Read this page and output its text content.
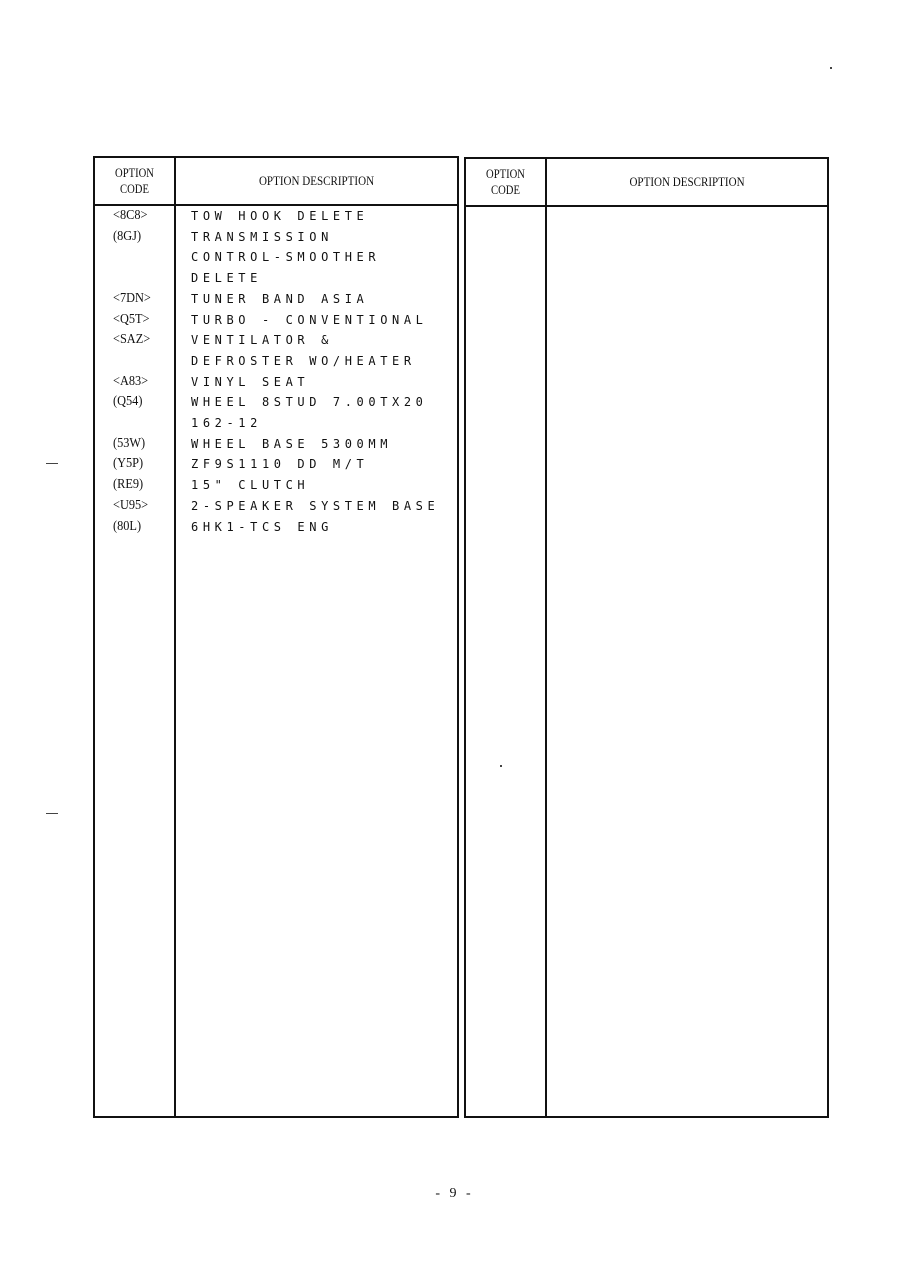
OPTION
CODE
OPTION DESCRIPTION
<8C8>	TOW HOOK DELETE
(8GJ)	TRANSMISSION
CONTROL-SMOOTHER
DELETE
<7DN>	TUNER BAND ASIA
<Q5T>	TURBO - CONVENTIONAL
<SAZ>	VENTILATOR &
DEFROSTER WO/HEATER
<A83>	VINYL SEAT
(Q54)	WHEEL 8STUD 7.00TX20
162-12
(53W)	WHEEL BASE 5300MM
(Y5P)	ZF9S1110 DD M/T
(RE9)	15" CLUTCH
<U95>	2-SPEAKER SYSTEM BASE
(80L)	6HK1-TCS ENG
OPTION
CODE
OPTION DESCRIPTION
- 9 -
